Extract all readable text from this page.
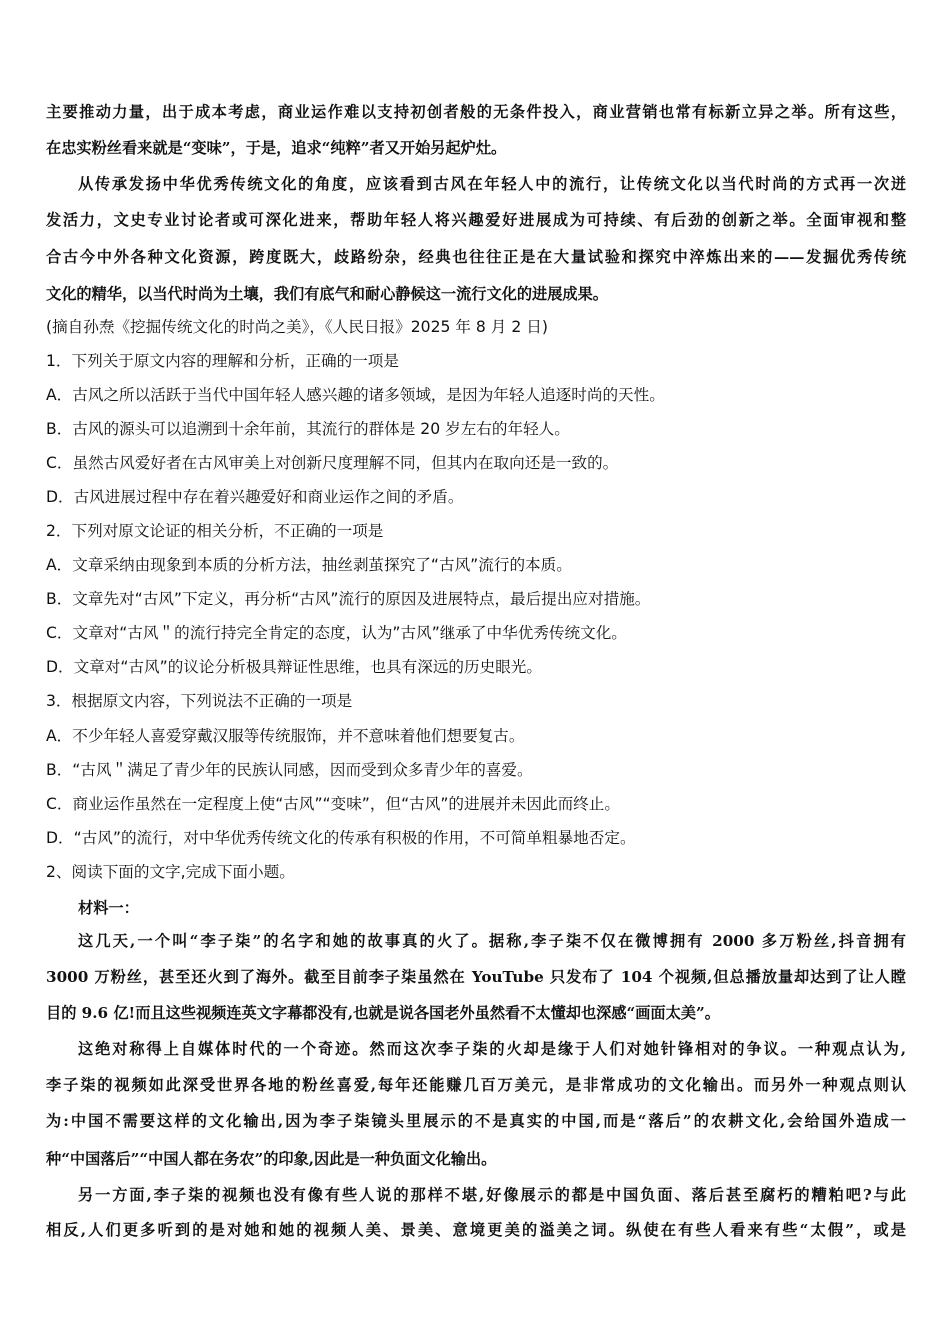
主要推动力量，出于成本考虑，商业运作难以支持初创者般的无条件投入，商业营销也常有标新立异之举。所有这些，
在忠实粉丝看来就是“变味”，于是，追求“纯粹”者又开始另起炉灶。
从传承发扬中华优秀传统文化的角度，应该看到古风在年轻人中的流行，让传统文化以当代时尚的方式再一次迸
发活力，文史专业讨论者或可深化进来，帮助年轻人将兴趣爱好进展成为可持续、有后劲的创新之举。全面审视和整
合古今中外各种文化资源，跨度既大，歧路纷杂，经典也往往正是在大量试验和探究中淬炼出来的——发掘优秀传统
文化的精华，以当代时尚为土壤，我们有底气和耐心静候这一流行文化的进展成果。
(摘自孙焘《挖掘传统文化的时尚之美》，《人民日报》2025 年 8 月 2 日)
1．下列关于原文内容的理解和分析，正确的一项是
A．古风之所以活跃于当代中国年轻人感兴趣的诸多领域，是因为年轻人追逐时尚的天性。
B．古风的源头可以追溯到十余年前，其流行的群体是 20 岁左右的年轻人。
C．虽然古风爱好者在古风审美上对创新尺度理解不同，但其内在取向还是一致的。
D．古风进展过程中存在着兴趣爱好和商业运作之间的矛盾。
2．下列对原文论证的相关分析，不正确的一项是
A．文章采纳由现象到本质的分析方法，抽丝剥茧探究了“古风”流行的本质。
B．文章先对“古风”下定义，再分析“古风”流行的原因及进展特点，最后提出应对措施。
C．文章对“古风＂的流行持完全肯定的态度，认为”古风”继承了中华优秀传统文化。
D．文章对“古风”的议论分析极具辩证性思维，也具有深远的历史眼光。
3．根据原文内容，下列说法不正确的一项是
A．不少年轻人喜爱穿戴汉服等传统服饰，并不意味着他们想要复古。
B．“古风＂满足了青少年的民族认同感，因而受到众多青少年的喜爱。
C．商业运作虽然在一定程度上使“古风”“变味”，但“古风”的进展并未因此而终止。
D．“古风”的流行，对中华优秀传统文化的传承有积极的作用，不可简单粗暴地否定。
2、阅读下面的文字,完成下面小题。
材料一：
这几天,一个叫“李子柒”的名字和她的故事真的火了。据称,李子柒不仅在微博拥有 2000 多万粉丝,抖音拥有
3000 万粉丝，甚至还火到了海外。截至目前李子柒虽然在 YouTube 只发布了 104 个视频,但总播放量却达到了让人瞠
目的 9.6 亿!而且这些视频连英文字幕都没有,也就是说各国老外虽然看不太懂却也深感“画面太美”。
这绝对称得上自媒体时代的一个奇迹。然而这次李子柒的火却是缘于人们对她针锋相对的争议。一种观点认为,
李子柒的视频如此深受世界各地的粉丝喜爱,每年还能赚几百万美元，是非常成功的文化输出。而另外一种观点则认
为:中国不需要这样的文化输出,因为李子柒镜头里展示的不是真实的中国,而是“落后”的农耕文化,会给国外造成一
种“中国落后”“中国人都在务农”的印象,因此是一种负面文化输出。
另一方面,李子柒的视频也没有像有些人说的那样不堪,好像展示的都是中国负面、落后甚至腐朽的糟粕吧?与此
相反,人们更多听到的是对她和她的视频人美、景美、意境更美的溢美之词。纵使在有些人看来有些“太假”，或是
